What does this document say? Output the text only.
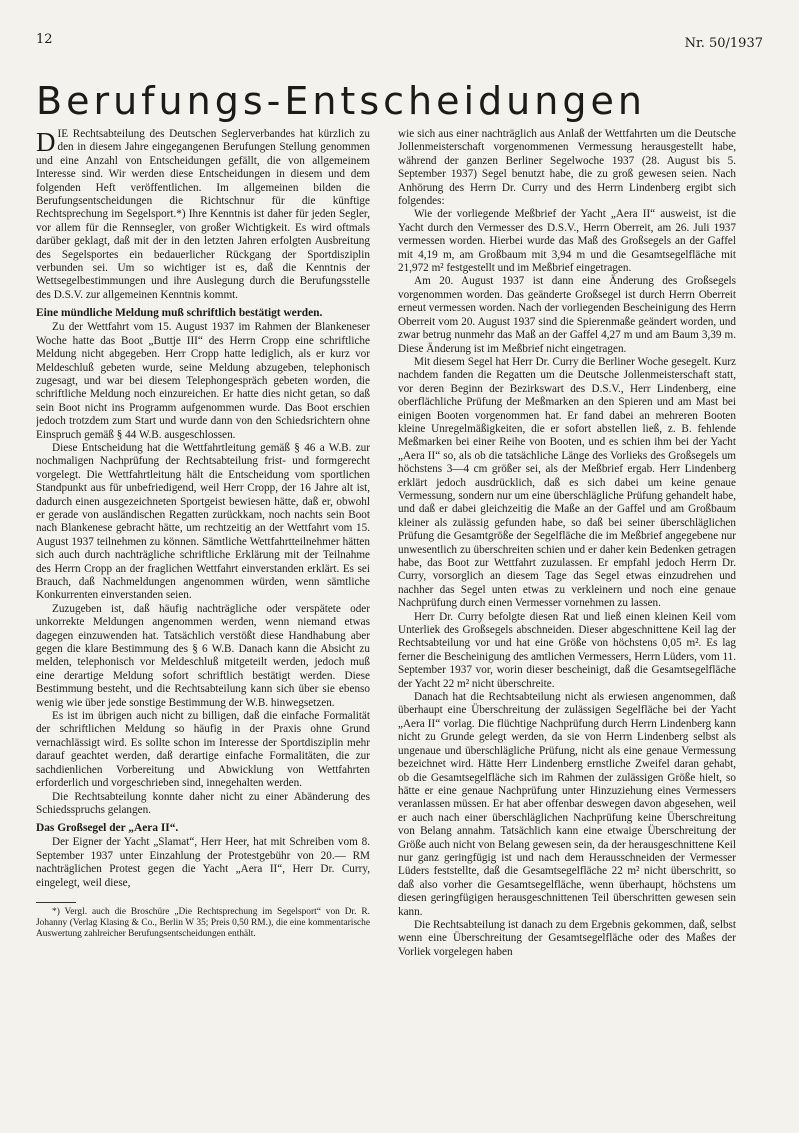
12	Nr. 50/1937
Berufungs-Entscheidungen

DIE Rechtsabteilung des Deutschen Seglerverbandes hat kürzlich zu den in diesem Jahre eingegangenen Berufungen Stellung genommen und eine Anzahl von Entscheidungen gefällt, die von allgemeinem Interesse sind. Wir werden diese Entscheidungen in diesem und dem folgenden Heft veröffentlichen. Im allgemeinen bilden die Berufungsentscheidungen die Richtschnur für die künftige Rechtsprechung im Segelsport.*) Ihre Kenntnis ist daher für jeden Segler, vor allem für die Rennsegler, von großer Wichtigkeit. Es wird oftmals darüber geklagt, daß mit der in den letzten Jahren erfolgten Ausbreitung des Segelsportes ein bedauerlicher Rückgang der Sportdisziplin verbunden sei. Um so wichtiger ist es, daß die Kenntnis der Wettsegelbestimmungen und ihre Auslegung durch die Berufungsstelle des D.S.V. zur allgemeinen Kenntnis kommt.

Eine mündliche Meldung muß schriftlich bestätigt werden.

Zu der Wettfahrt vom 15. August 1937 im Rahmen der Blankeneser Woche hatte das Boot „Buttje III“ des Herrn Cropp eine schriftliche Meldung nicht abgegeben. Herr Cropp hatte lediglich, als er kurz vor Meldeschluß gebeten wurde, seine Meldung abzugeben, telephonisch zugesagt, und war bei diesem Telephongespräch gebeten worden, die schriftliche Meldung noch einzureichen. Er hatte dies nicht getan, so daß sein Boot nicht ins Programm aufgenommen wurde. Das Boot erschien jedoch trotzdem zum Start und wurde dann von den Schiedsrichtern ohne Einspruch gemäß § 44 W.B. ausgeschlossen.

Diese Entscheidung hat die Wettfahrtleitung gemäß § 46 a W.B. zur nochmaligen Nachprüfung der Rechtsabteilung frist- und formgerecht vorgelegt. Die Wettfahrtleitung hält die Entscheidung vom sportlichen Standpunkt aus für unbefriedigend, weil Herr Cropp, der 16 Jahre alt ist, dadurch einen ausgezeichneten Sportgeist bewiesen hätte, daß er, obwohl er gerade von ausländischen Regatten zurückkam, noch nachts sein Boot nach Blankenese gebracht hätte, um rechtzeitig an der Wettfahrt vom 15. August 1937 teilnehmen zu können. Sämtliche Wettfahrtteilnehmer hätten sich auch durch nachträgliche schriftliche Erklärung mit der Teilnahme des Herrn Cropp an der fraglichen Wettfahrt einverstanden erklärt. Es sei Brauch, daß Nachmeldungen angenommen würden, wenn sämtliche Konkurrenten einverstanden seien.

Zuzugeben ist, daß häufig nachträgliche oder verspätete oder unkorrekte Meldungen angenommen werden, wenn niemand etwas dagegen einzuwenden hat. Tatsächlich verstößt diese Handhabung aber gegen die klare Bestimmung des § 6 W.B. Danach kann die Absicht zu melden, telephonisch vor Meldeschluß mitgeteilt werden, jedoch muß eine derartige Meldung sofort schriftlich bestätigt werden. Diese Bestimmung besteht, und die Rechtsabteilung kann sich über sie ebenso wenig wie über jede sonstige Bestimmung der W.B. hinwegsetzen.

Es ist im übrigen auch nicht zu billigen, daß die einfache Formalität der schriftlichen Meldung so häufig in der Praxis ohne Grund vernachlässigt wird. Es sollte schon im Interesse der Sportdisziplin mehr darauf geachtet werden, daß derartige einfache Formalitäten, die zur sachdienlichen Vorbereitung und Abwicklung von Wettfahrten erforderlich und vorgeschrieben sind, innegehalten werden.

Die Rechtsabteilung konnte daher nicht zu einer Abänderung des Schiedsspruchs gelangen.

Das Großsegel der „Aera II“.

Der Eigner der Yacht „Slamat“, Herr Heer, hat mit Schreiben vom 8. September 1937 unter Einzahlung der Protestgebühr von 20.— RM nachträglichen Protest gegen die Yacht „Aera II“, Herr Dr. Curry, eingelegt, weil diese,

*) Vergl. auch die Broschüre „Die Rechtsprechung im Segelsport“ von Dr. R. Johanny (Verlag Klasing & Co., Berlin W 35; Preis 0,50 RM.), die eine kommentarische Auswertung zahlreicher Berufungsentscheidungen enthält.

wie sich aus einer nachträglich aus Anlaß der Wettfahrten um die Deutsche Jollenmeisterschaft vorgenommenen Vermessung herausgestellt habe, während der ganzen Berliner Segelwoche 1937 (28. August bis 5. September 1937) Segel benutzt habe, die zu groß gewesen seien. Nach Anhörung des Herrn Dr. Curry und des Herrn Lindenberg ergibt sich folgendes:

Wie der vorliegende Meßbrief der Yacht „Aera II“ ausweist, ist die Yacht durch den Vermesser des D.S.V., Herrn Oberreit, am 26. Juli 1937 vermessen worden. Hierbei wurde das Maß des Großsegels an der Gaffel mit 4,19 m, am Großbaum mit 3,94 m und die Gesamtsegelfläche mit 21,972 m² festgestellt und im Meßbrief eingetragen.

Am 20. August 1937 ist dann eine Änderung des Großsegels vorgenommen worden. Das geänderte Großsegel ist durch Herrn Oberreit erneut vermessen worden. Nach der vorliegenden Bescheinigung des Herrn Oberreit vom 20. August 1937 sind die Spierenmaße geändert worden, und zwar betrug nunmehr das Maß an der Gaffel 4,27 m und am Baum 3,39 m. Diese Änderung ist im Meßbrief nicht eingetragen.

Mit diesem Segel hat Herr Dr. Curry die Berliner Woche gesegelt. Kurz nachdem fanden die Regatten um die Deutsche Jollenmeisterschaft statt, vor deren Beginn der Bezirkswart des D.S.V., Herr Lindenberg, eine oberflächliche Prüfung der Meßmarken an den Spieren und am Mast bei einigen Booten vorgenommen hat. Er fand dabei an mehreren Booten kleine Unregelmäßigkeiten, die er sofort abstellen ließ, z. B. fehlende Meßmarken bei einer Reihe von Booten, und es schien ihm bei der Yacht „Aera II“ so, als ob die tatsächliche Länge des Vorlieks des Großsegels um höchstens 3—4 cm größer sei, als der Meßbrief ergab. Herr Lindenberg erklärt jedoch ausdrücklich, daß es sich dabei um keine genaue Vermessung, sondern nur um eine überschlägliche Prüfung gehandelt habe, und daß er dabei gleichzeitig die Maße an der Gaffel und am Großbaum kleiner als zulässig gefunden habe, so daß bei seiner überschläglichen Prüfung die Gesamtgröße der Segelfläche die im Meßbrief angegebene nur unwesentlich zu überschreiten schien und er daher kein Bedenken getragen habe, das Boot zur Wettfahrt zuzulassen. Er empfahl jedoch Herrn Dr. Curry, vorsorglich an diesem Tage das Segel etwas einzudrehen und nachher das Segel unten etwas zu verkleinern und noch eine genaue Nachprüfung durch einen Vermesser vornehmen zu lassen.

Herr Dr. Curry befolgte diesen Rat und ließ einen kleinen Keil vom Unterliek des Großsegels abschneiden. Dieser abgeschnittene Keil lag der Rechtsabteilung vor und hat eine Größe von höchstens 0,05 m². Es lag ferner die Bescheinigung des amtlichen Vermessers, Herrn Lüders, vom 11. September 1937 vor, worin dieser bescheinigt, daß die Gesamtsegelfläche der Yacht 22 m² nicht überschreite.

Danach hat die Rechtsabteilung nicht als erwiesen angenommen, daß überhaupt eine Überschreitung der zulässigen Segelfläche bei der Yacht „Aera II“ vorlag. Die flüchtige Nachprüfung durch Herrn Lindenberg kann nicht zu Grunde gelegt werden, da sie von Herrn Lindenberg selbst als ungenaue und überschlägliche Prüfung, nicht als eine genaue Vermessung bezeichnet wird. Hätte Herr Lindenberg ernstliche Zweifel daran gehabt, ob die Gesamtsegelfläche sich im Rahmen der zulässigen Größe hielt, so hätte er eine genaue Nachprüfung unter Hinzuziehung eines Vermessers veranlassen müssen. Er hat aber offenbar deswegen davon abgesehen, weil er auch nach einer überschläglichen Nachprüfung keine Überschreitung von Belang annahm. Tatsächlich kann eine etwaige Überschreitung der Größe auch nicht von Belang gewesen sein, da der herausgeschnittene Keil nur ganz geringfügig ist und nach dem Herausschneiden der Vermesser Lüders feststellte, daß die Gesamtsegelfläche 22 m² nicht überschritt, so daß also vorher die Gesamtsegelfläche, wenn überhaupt, höchstens um diesen geringfügigen herausgeschnittenen Teil überschritten gewesen sein kann.

Die Rechtsabteilung ist danach zu dem Ergebnis gekommen, daß, selbst wenn eine Überschreitung der Gesamtsegelfläche oder des Maßes der Vorliek vorgelegen haben
